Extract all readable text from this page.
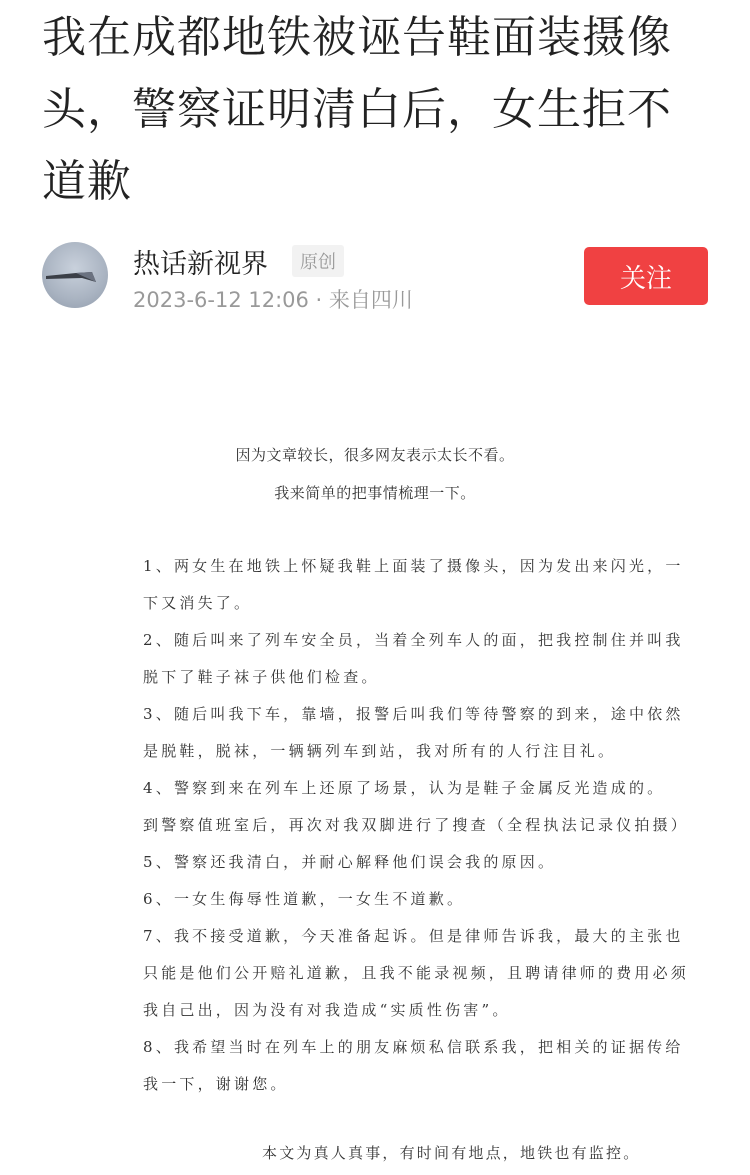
我在成都地铁被诬告鞋面装摄像头，警察证明清白后，女生拒不道歉
热话新视界	原创
2023-6-12 12:06 · 来自四川
关注
因为文章较长，很多网友表示太长不看。
我来简单的把事情梳理一下。
1、两女生在地铁上怀疑我鞋上面装了摄像头，因为发出来闪光，一
下又消失了。
2、随后叫来了列车安全员，当着全列车人的面，把我控制住并叫我
脱下了鞋子袜子供他们检查。
3、随后叫我下车，靠墙，报警后叫我们等待警察的到来，途中依然
是脱鞋，脱袜，一辆辆列车到站，我对所有的人行注目礼。
4、警察到来在列车上还原了场景，认为是鞋子金属反光造成的。
到警察值班室后，再次对我双脚进行了搜查（全程执法记录仪拍摄）
5、警察还我清白，并耐心解释他们误会我的原因。
6、一女生侮辱性道歉，一女生不道歉。
7、我不接受道歉，今天准备起诉。但是律师告诉我，最大的主张也
只能是他们公开赔礼道歉，且我不能录视频，且聘请律师的费用必须
我自己出，因为没有对我造成“实质性伤害”。
8、我希望当时在列车上的朋友麻烦私信联系我，把相关的证据传给
我一下，谢谢您。
本文为真人真事，有时间有地点，地铁也有监控。
